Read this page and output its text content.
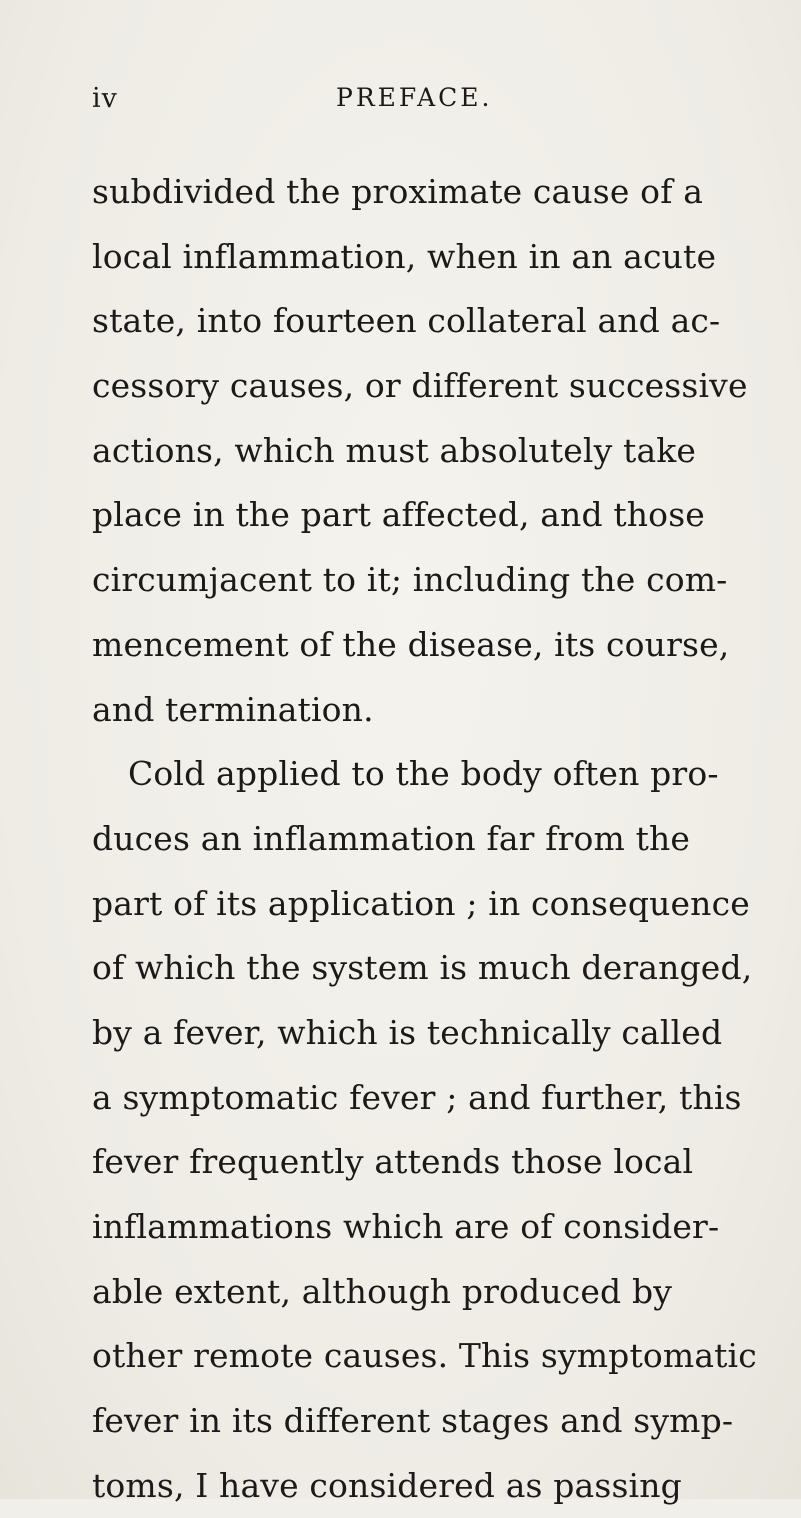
iv	PREFACE.
subdivided the proximate cause of a
local inflammation, when in an acute
state, into fourteen collateral and ac-
cessory causes, or different successive
actions, which must absolutely take
place in the part affected, and those
circumjacent to it; including the com-
mencement of the disease, its course,
and termination.
Cold applied to the body often pro-
duces an inflammation far from the
part of its application ; in consequence
of which the system is much deranged,
by a fever, which is technically called
a symptomatic fever ; and further, this
fever frequently attends those local
inflammations which are of consider-
able extent, although produced by
other remote causes. This symptomatic
fever in its different stages and symp-
toms, I have considered as passing
